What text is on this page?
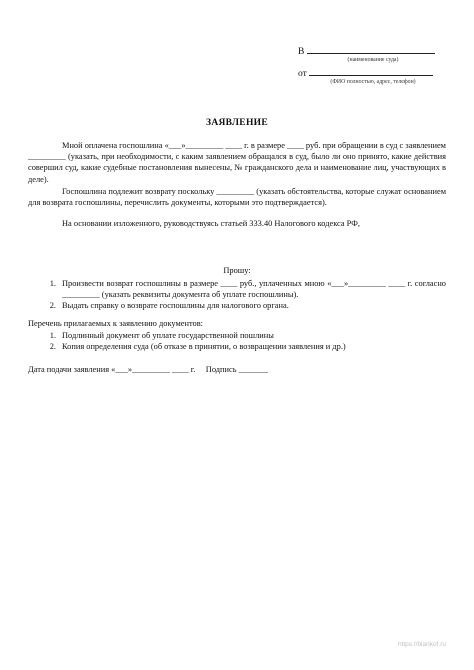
В
(наименование суда)
от
(ФИО полностью, адрес, телефон)
ЗАЯВЛЕНИЕ
Мной оплачена госпошлина «___»_________ ____ г. в размере ____ руб. при обращении в суд с заявлением _________ (указать, при необходимости, с каким заявлением обращался в суд, было ли оно принято, какие действия совершил суд, какие судебные постановления вынесены, № гражданского дела и наименование лиц, участвующих в деле).
Госпошлина подлежит возврату поскольку _________ (указать обстоятельства, которые служат основанием для возврата госпошлины, перечислить документы, которыми это подтверждается).
На основании изложенного, руководствуясь статьей 333.40 Налогового кодекса РФ,
Прошу:
1. Произвести возврат госпошлины в размере ____ руб., уплаченных мною «___»_________ ____ г. согласно _________ (указать реквизиты документа об уплате госпошлины).
2. Выдать справку о возврате госпошлины для налогового органа.
Перечень прилагаемых к заявлению документов:
1. Подлинный документ об уплате государственной пошлины
2. Копия определения суда (об отказе в принятии, о возвращении заявления и др.)
Дата подачи заявления «___»_________ ____ г.     Подпись _______
https://blankof.ru
